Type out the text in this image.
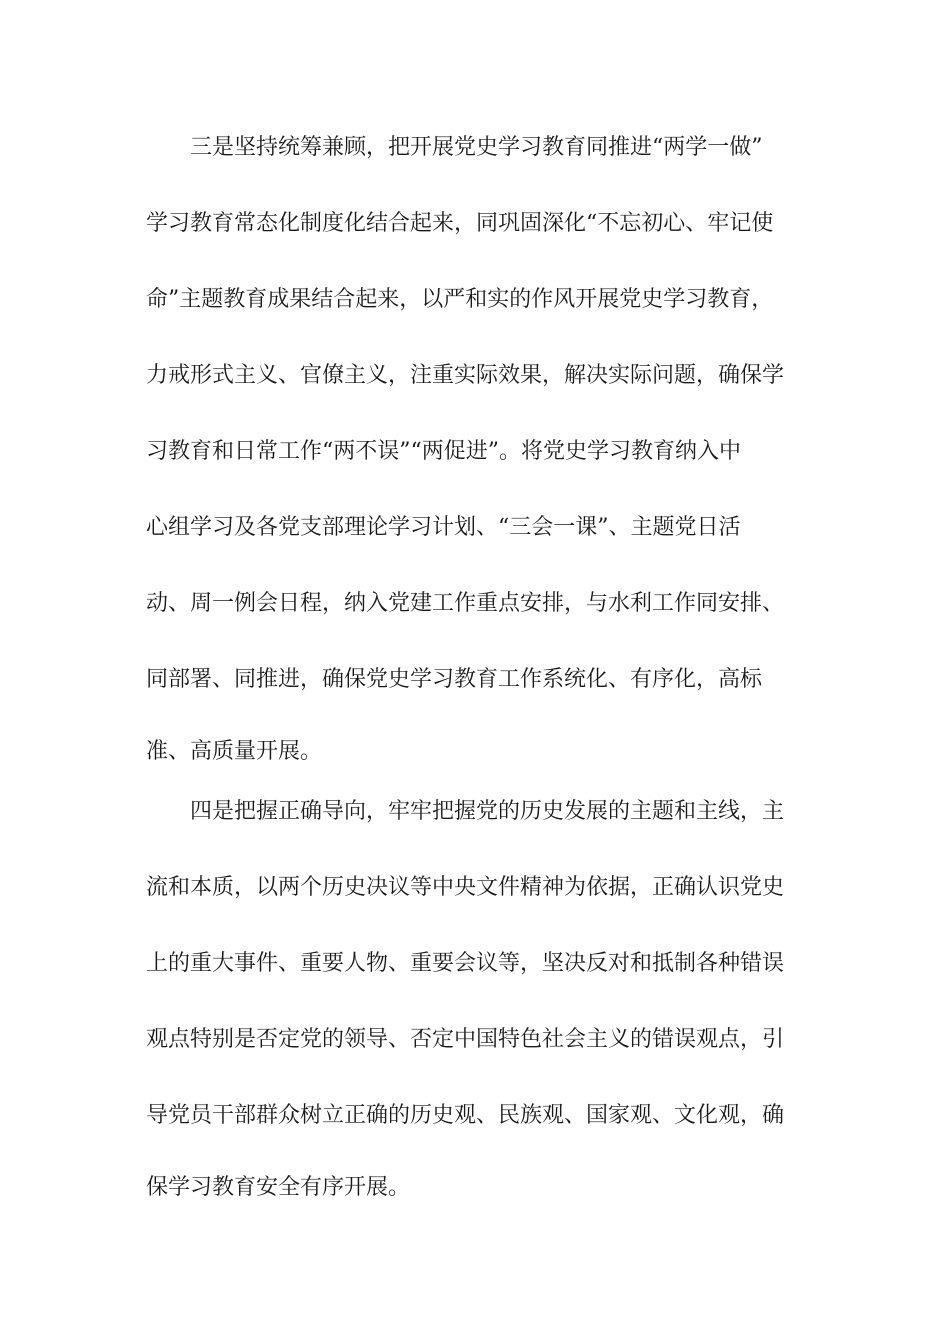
三是坚持统筹兼顾，把开展党史学习教育同推进“两学一做”
学习教育常态化制度化结合起来，同巩固深化“不忘初心、牢记使
命”主题教育成果结合起来，以严和实的作风开展党史学习教育，
力戒形式主义、官僚主义，注重实际效果，解决实际问题，确保学
习教育和日常工作“两不误”“两促进”。将党史学习教育纳入中
心组学习及各党支部理论学习计划、“三会一课”、主题党日活
动、周一例会日程，纳入党建工作重点安排，与水利工作同安排、
同部署、同推进，确保党史学习教育工作系统化、有序化，高标
准、高质量开展。
四是把握正确导向，牢牢把握党的历史发展的主题和主线，主
流和本质，以两个历史决议等中央文件精神为依据，正确认识党史
上的重大事件、重要人物、重要会议等，坚决反对和抵制各种错误
观点特别是否定党的领导、否定中国特色社会主义的错误观点，引
导党员干部群众树立正确的历史观、民族观、国家观、文化观，确
保学习教育安全有序开展。
